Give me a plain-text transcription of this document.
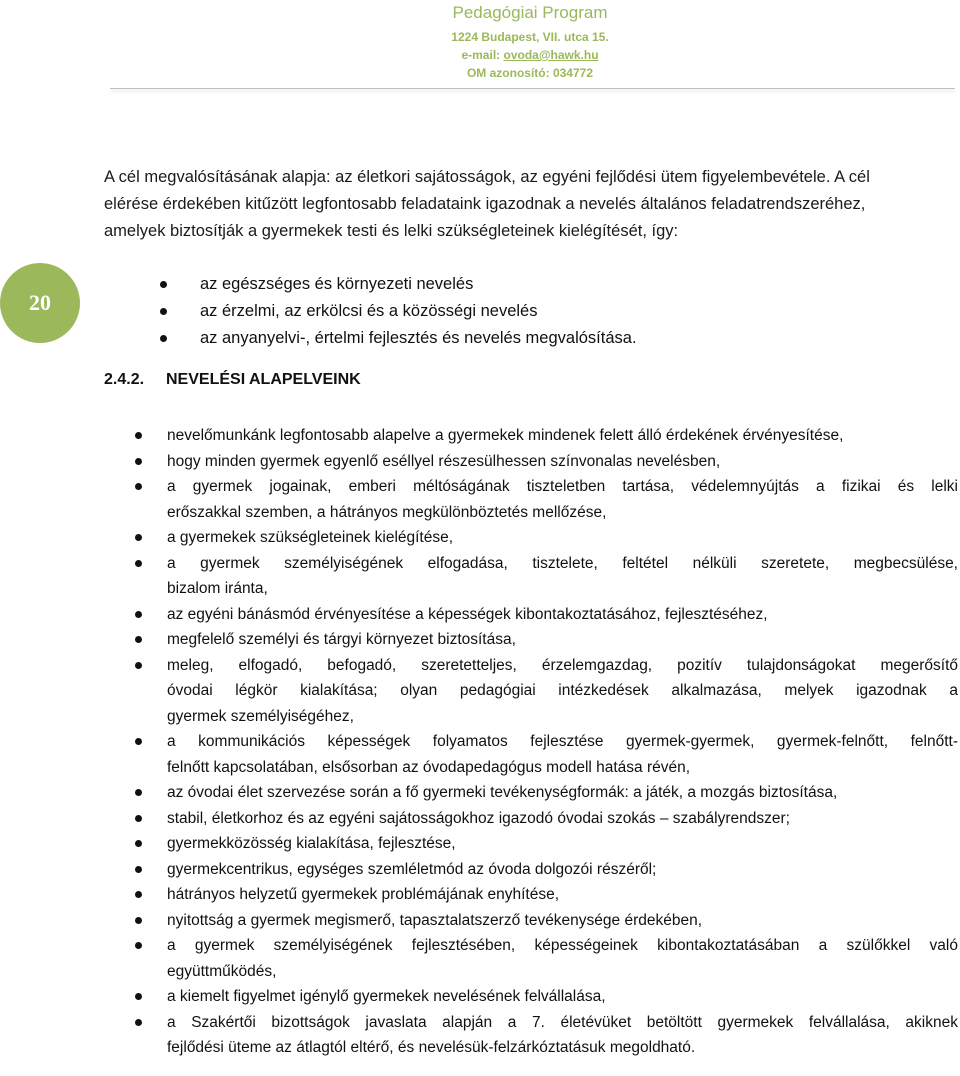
Pedagógiai Program
1224 Budapest, VII. utca 15.
e-mail: ovoda@hawk.hu
OM azonosító: 034772
20
A cél megvalósításának alapja: az életkori sajátosságok, az egyéni fejlődési ütem figyelembevétele. A cél
elérése érdekében kitűzött legfontosabb feladataink igazodnak a nevelés általános feladatrendszeréhez,
amelyek biztosítják a gyermekek testi és lelki szükségleteinek kielégítését, így:
az egészséges és környezeti nevelés
az érzelmi, az erkölcsi és a közösségi nevelés
az anyanyelvi-, értelmi fejlesztés és nevelés megvalósítása.
2.4.2. NEVELÉSI ALAPELVEINK
nevelőmunkánk legfontosabb alapelve a gyermekek mindenek felett álló érdekének érvényesítése,
hogy minden gyermek egyenlő eséllyel részesülhessen színvonalas nevelésben,
a gyermek jogainak, emberi méltóságának tiszteletben tartása, védelemnyújtás a fizikai és lelki
erőszakkal szemben, a hátrányos megkülönböztetés mellőzése,
a gyermekek szükségleteinek kielégítése,
a gyermek személyiségének elfogadása, tisztelete, feltétel nélküli szeretete, megbecsülése,
bizalom iránta,
az egyéni bánásmód érvényesítése a képességek kibontakoztatásához, fejlesztéséhez,
megfelelő személyi és tárgyi környezet biztosítása,
meleg, elfogadó, befogadó, szeretetteljes, érzelemgazdag, pozitív tulajdonságokat megerősítő
óvodai légkör kialakítása; olyan pedagógiai intézkedések alkalmazása, melyek igazodnak a
gyermek személyiségéhez,
a kommunikációs képességek folyamatos fejlesztése gyermek-gyermek, gyermek-felnőtt, felnőtt-
felnőtt kapcsolatában, elsősorban az óvodapedagógus modell hatása révén,
az óvodai élet szervezése során a fő gyermeki tevékenységformák: a játék, a mozgás biztosítása,
stabil, életkorhoz és az egyéni sajátosságokhoz igazodó óvodai szokás – szabályrendszer;
gyermekközösség kialakítása, fejlesztése,
gyermekcentrikus, egységes szemléletmód az óvoda dolgozói részéről;
hátrányos helyzetű gyermekek problémájának enyhítése,
nyitottság a gyermek megismerő, tapasztalatszerző tevékenysége érdekében,
a gyermek személyiségének fejlesztésében, képességeinek kibontakoztatásában a szülőkkel való
együttműködés,
a kiemelt figyelmet igénylő gyermekek nevelésének felvállalása,
a Szakértői bizottságok javaslata alapján a 7. életévüket betöltött gyermekek felvállalása, akiknek
fejlődési üteme az átlagtól eltérő, és nevelésük-felzárkóztatásuk megoldható.
